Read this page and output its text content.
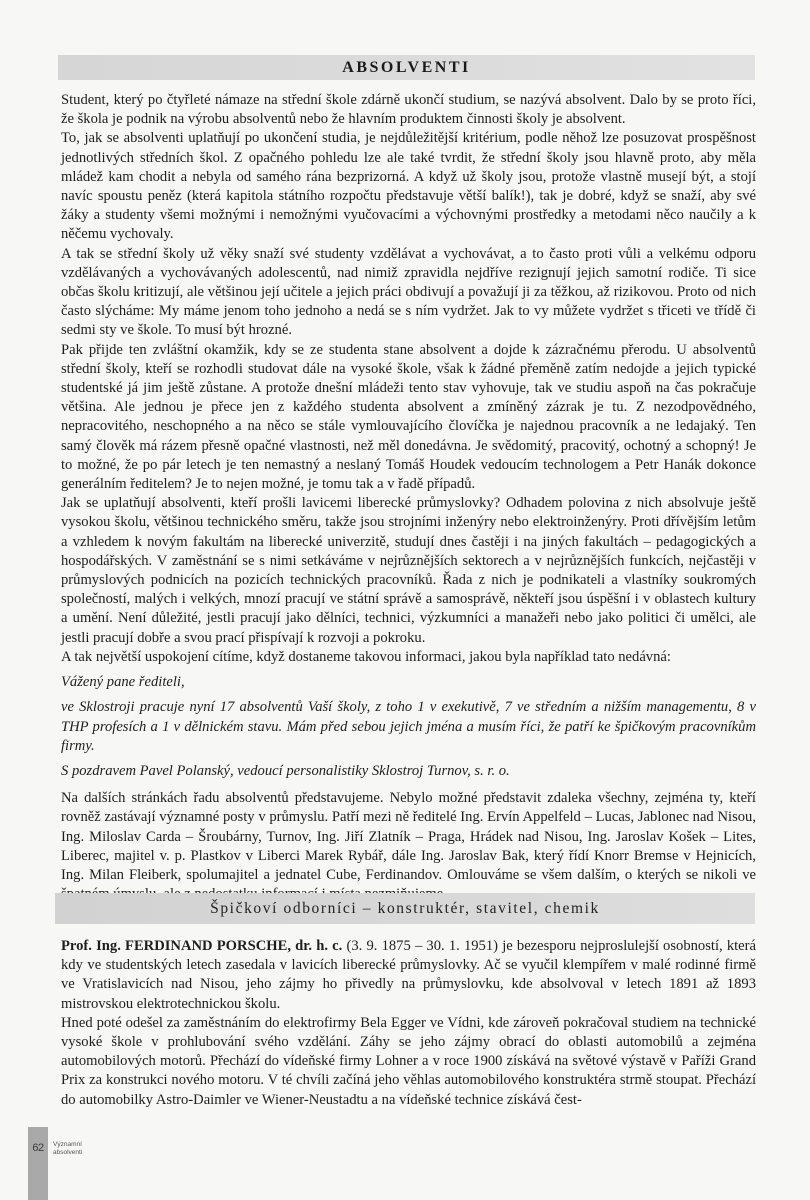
ABSOLVENTI

Student, který po čtyřleté námaze na střední škole zdárně ukončí studium, se nazývá absolvent. Dalo by se proto říci, že škola je podnik na výrobu absolventů nebo že hlavním produktem činnosti školy je absolvent.

To, jak se absolventi uplatňují po ukončení studia, je nejdůležitější kritérium, podle něhož lze posuzovat prospěšnost jednotlivých středních škol. Z opačného pohledu lze ale také tvrdit, že střední školy jsou hlavně proto, aby měla mládež kam chodit a nebyla od samého rána bezprizorná. A když už školy jsou, protože vlastně musejí být, a stojí navíc spoustu peněz (která kapitola státního rozpočtu představuje větší balík!), tak je dobré, když se snaží, aby své žáky a studenty všemi možnými i nemožnými vyučovacími a výchovnými prostředky a metodami něco naučily a k něčemu vychovaly.

A tak se střední školy už věky snaží své studenty vzdělávat a vychovávat, a to často proti vůli a velkému odporu vzdělávaných a vychovávaných adolescentů, nad nimiž zpravidla nejdříve rezignují jejich samotní rodiče. Ti sice občas školu kritizují, ale většinou její učitele a jejich práci obdivují a považují ji za těžkou, až rizikovou. Proto od nich často slýcháme: My máme jenom toho jednoho a nedá se s ním vydržet. Jak to vy můžete vydržet s třiceti ve třídě či sedmi sty ve škole. To musí být hrozné.

Pak přijde ten zvláštní okamžik, kdy se ze studenta stane absolvent a dojde k zázračnému přerodu. U absolventů střední školy, kteří se rozhodli studovat dále na vysoké škole, však k žádné přeměně zatím nedojde a jejich typické studentské já jim ještě zůstane. A protože dnešní mládeži tento stav vyhovuje, tak ve studiu aspoň na čas pokračuje většina. Ale jednou je přece jen z každého studenta absolvent a zmíněný zázrak je tu. Z nezodpovědného, nepracovitého, neschopného a na něco se stále vymlouvajícího človíčka je najednou pracovník a ne ledajaký. Ten samý člověk má rázem přesně opačné vlastnosti, než měl donedávna. Je svědomitý, pracovitý, ochotný a schopný! Je to možné, že po pár letech je ten nemastný a neslaný Tomáš Houdek vedoucím technologem a Petr Hanák dokonce generálním ředitelem? Je to nejen možné, je tomu tak a v řadě případů.

Jak se uplatňují absolventi, kteří prošli lavicemi liberecké průmyslovky? Odhadem polovina z nich absolvuje ještě vysokou školu, většinou technického směru, takže jsou strojními inženýry nebo elektroinženýry. Proti dřívějším letům a vzhledem k novým fakultám na liberecké univerzitě, studují dnes častěji i na jiných fakultách – pedagogických a hospodářských. V zaměstnání se s nimi setkáváme v nejrůznějších sektorech a v nejrůznějších funkcích, nejčastěji v průmyslových podnicích na pozicích technických pracovníků. Řada z nich je podnikateli a vlastníky soukromých společností, malých i velkých, mnozí pracují ve státní správě a samosprávě, někteří jsou úspěšní i v oblastech kultury a umění. Není důležité, jestli pracují jako dělníci, technici, výzkumníci a manažeři nebo jako politici či umělci, ale jestli pracují dobře a svou prací přispívají k rozvoji a pokroku.

A tak největší uspokojení cítíme, když dostaneme takovou informaci, jakou byla například tato nedávná:

Vážený pane řediteli,

ve Sklostroji pracuje nyní 17 absolventů Vaší školy, z toho 1 v exekutivě, 7 ve středním a nižším managementu, 8 v THP profesích a 1 v dělnickém stavu. Mám před sebou jejich jména a musím říci, že patří ke špičkovým pracovníkům firmy.

S pozdravem Pavel Polanský, vedoucí personalistiky Sklostroj Turnov, s. r. o.

Na dalších stránkách řadu absolventů představujeme. Nebylo možné představit zdaleka všechny, zejména ty, kteří rovněž zastávají významné posty v průmyslu. Patří mezi ně ředitelé Ing. Ervín Appelfeld – Lucas, Jablonec nad Nisou, Ing. Miloslav Carda – Šroubárny, Turnov, Ing. Jiří Zlatník – Praga, Hrádek nad Nisou, Ing. Jaroslav Košek – Lites, Liberec, majitel v. p. Plastkov v Liberci Marek Rybář, dále Ing. Jaroslav Bak, který řídí Knorr Bremse v Hejnicích, Ing. Milan Fleiberk, spolumajitel a jednatel Cube, Ferdinandov. Omlouváme se všem dalším, o kterých se nikoli ve

Špičkoví odborníci – konstruktér, stavitel, chemik

Prof. Ing. FERDINAND PORSCHE, dr. h. c. (3. 9. 1875 – 30. 1. 1951) je bezesporu nejproslulejší osobností, která kdy ve studentských letech zasedala v lavicích liberecké průmyslovky. Ač se vyučil klempířem v malé rodinné firmě ve Vratislavicích nad Nisou, jeho zájmy ho přivedly na průmyslovku, kde absolvoval v letech 1891 až 1893 mistrovskou elektrotechnickou školu.

Hned poté odešel za zaměstnáním do elektrofirmy Bela Egger ve Vídni, kde zároveň pokračoval studiem na technické vysoké škole v prohlubování svého vzdělání. Záhy se jeho zájmy obrací do oblasti automobilů a zejména automobilových motorů. Přechází do vídeňské firmy Lohner a v roce 1900 získává na světové výstavě v Paříži Grand Prix za konstrukci nového motoru. V té chvíli začíná jeho věhlas automobilového konstruktéra strmě stoupat. Přechází do automobilky Astro-Daimler ve Wiener-Neustadtu a na vídeňské technice získává čest-

62	Významní
absolventi
